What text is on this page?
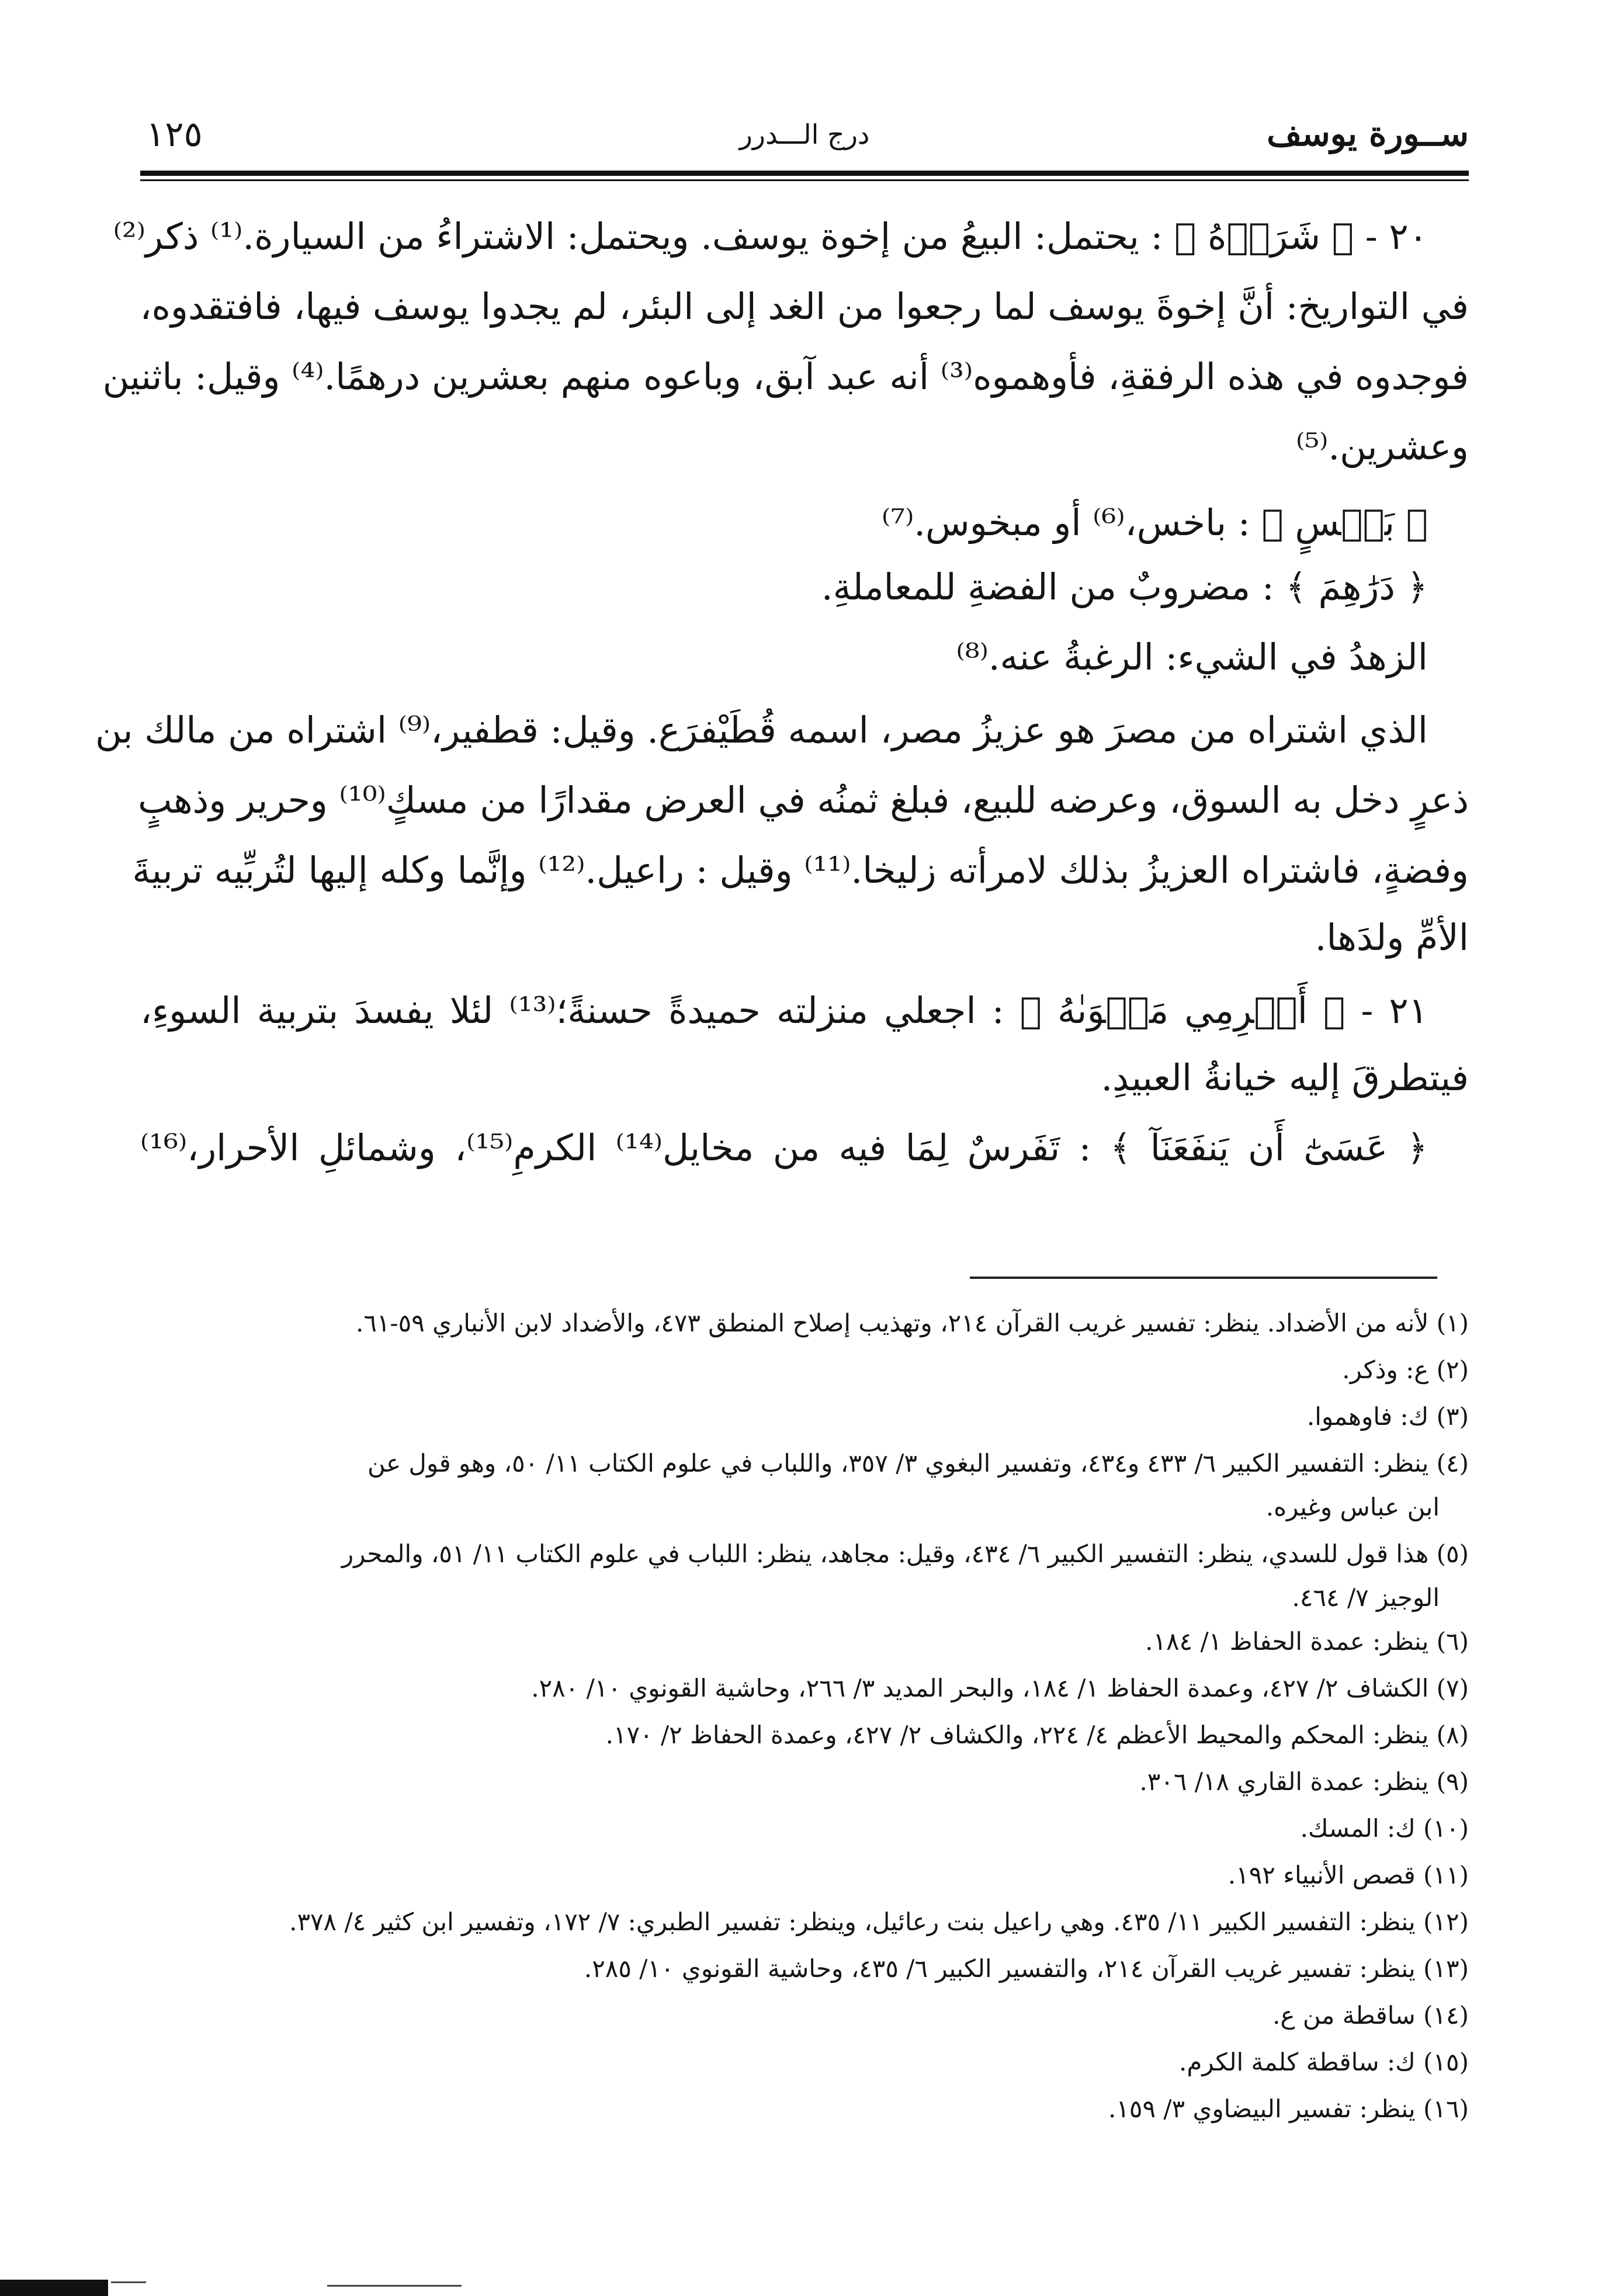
١٢٥	درج الـــدرر	ســورة يوسف
٢٠ - ﴿ شَرَوۡهُ ﴾ : يحتمل: البيعُ من إخوة يوسف. ويحتمل: الاشتراءُ من السيارة.⁽¹⁾ ذكر⁽²⁾
في التواريخ: أنَّ إخوةَ يوسف لما رجعوا من الغد إلى البئر، لم يجدوا يوسف فيها، فافتقدوه،
فوجدوه في هذه الرفقةِ، فأوهموه⁽³⁾ أنه عبد آبق، وباعوه منهم بعشرين درهمًا.⁽⁴⁾ وقيل: باثنين
وعشرين.⁽⁵⁾
﴿ بَخۡسٍ ﴾ : باخس،⁽⁶⁾ أو مبخوس.⁽⁷⁾
﴿ دَرَٰهِمَ ﴾ : مضروبٌ من الفضةِ للمعاملةِ.
الزهدُ في الشيء: الرغبةُ عنه.⁽⁸⁾
الذي اشتراه من مصرَ هو عزيزُ مصر، اسمه قُطَيْفرَع. وقيل: قطفير،⁽⁹⁾ اشتراه من مالك بن
ذعرٍ دخل به السوق، وعرضه للبيع، فبلغ ثمنُه في العرض مقدارًا من مسكٍ⁽¹⁰⁾ وحرير وذهبٍ
وفضةٍ، فاشتراه العزيزُ بذلك لامرأته زليخا.⁽¹¹⁾ وقيل : راعيل.⁽¹²⁾ وإنَّما وكله إليها لتُربِّيه تربيةَ
الأمِّ ولدَها.
٢١ - ﴿ أَكۡرِمِي مَثۡوَىٰهُ ﴾ : اجعلي منزلته حميدةً حسنةً؛⁽¹³⁾ لئلا يفسدَ بتربية السوءِ،
فيتطرقَ إليه خيانةُ العبيدِ.
﴿ عَسَىٰٓ أَن يَنفَعَنَآ ﴾ : تَفَرسٌ لِمَا فيه من مخايل⁽¹⁴⁾ الكرمِ⁽¹⁵⁾، وشمائلِ الأحرار،⁽¹⁶⁾
(١) لأنه من الأضداد. ينظر: تفسير غريب القرآن ٢١٤، وتهذيب إصلاح المنطق ٤٧٣، والأضداد لابن الأنباري ٥٩-٦١.
(٢) ع: وذكر.
(٣) ك: فاوهموا.
(٤) ينظر: التفسير الكبير ٦/ ٤٣٣ و٤٣٤، وتفسير البغوي ٣/ ٣٥٧، واللباب في علوم الكتاب ١١/ ٥٠، وهو قول عن
ابن عباس وغيره.
(٥) هذا قول للسدي، ينظر: التفسير الكبير ٦/ ٤٣٤، وقيل: مجاهد، ينظر: اللباب في علوم الكتاب ١١/ ٥١، والمحرر
الوجيز ٧/ ٤٦٤.
(٦) ينظر: عمدة الحفاظ ١/ ١٨٤.
(٧) الكشاف ٢/ ٤٢٧، وعمدة الحفاظ ١/ ١٨٤، والبحر المديد ٣/ ٢٦٦، وحاشية القونوي ١٠/ ٢٨٠.
(٨) ينظر: المحكم والمحيط الأعظم ٤/ ٢٢٤، والكشاف ٢/ ٤٢٧، وعمدة الحفاظ ٢/ ١٧٠.
(٩) ينظر: عمدة القاري ١٨/ ٣٠٦.
(١٠) ك: المسك.
(١١) قصص الأنبياء ١٩٢.
(١٢) ينظر: التفسير الكبير ١١/ ٤٣٥. وهي راعيل بنت رعائيل، وينظر: تفسير الطبري: ٧/ ١٧٢، وتفسير ابن كثير ٤/ ٣٧٨.
(١٣) ينظر: تفسير غريب القرآن ٢١٤، والتفسير الكبير ٦/ ٤٣٥، وحاشية القونوي ١٠/ ٢٨٥.
(١٤) ساقطة من ع.
(١٥) ك: ساقطة كلمة الكرم.
(١٦) ينظر: تفسير البيضاوي ٣/ ١٥٩.
